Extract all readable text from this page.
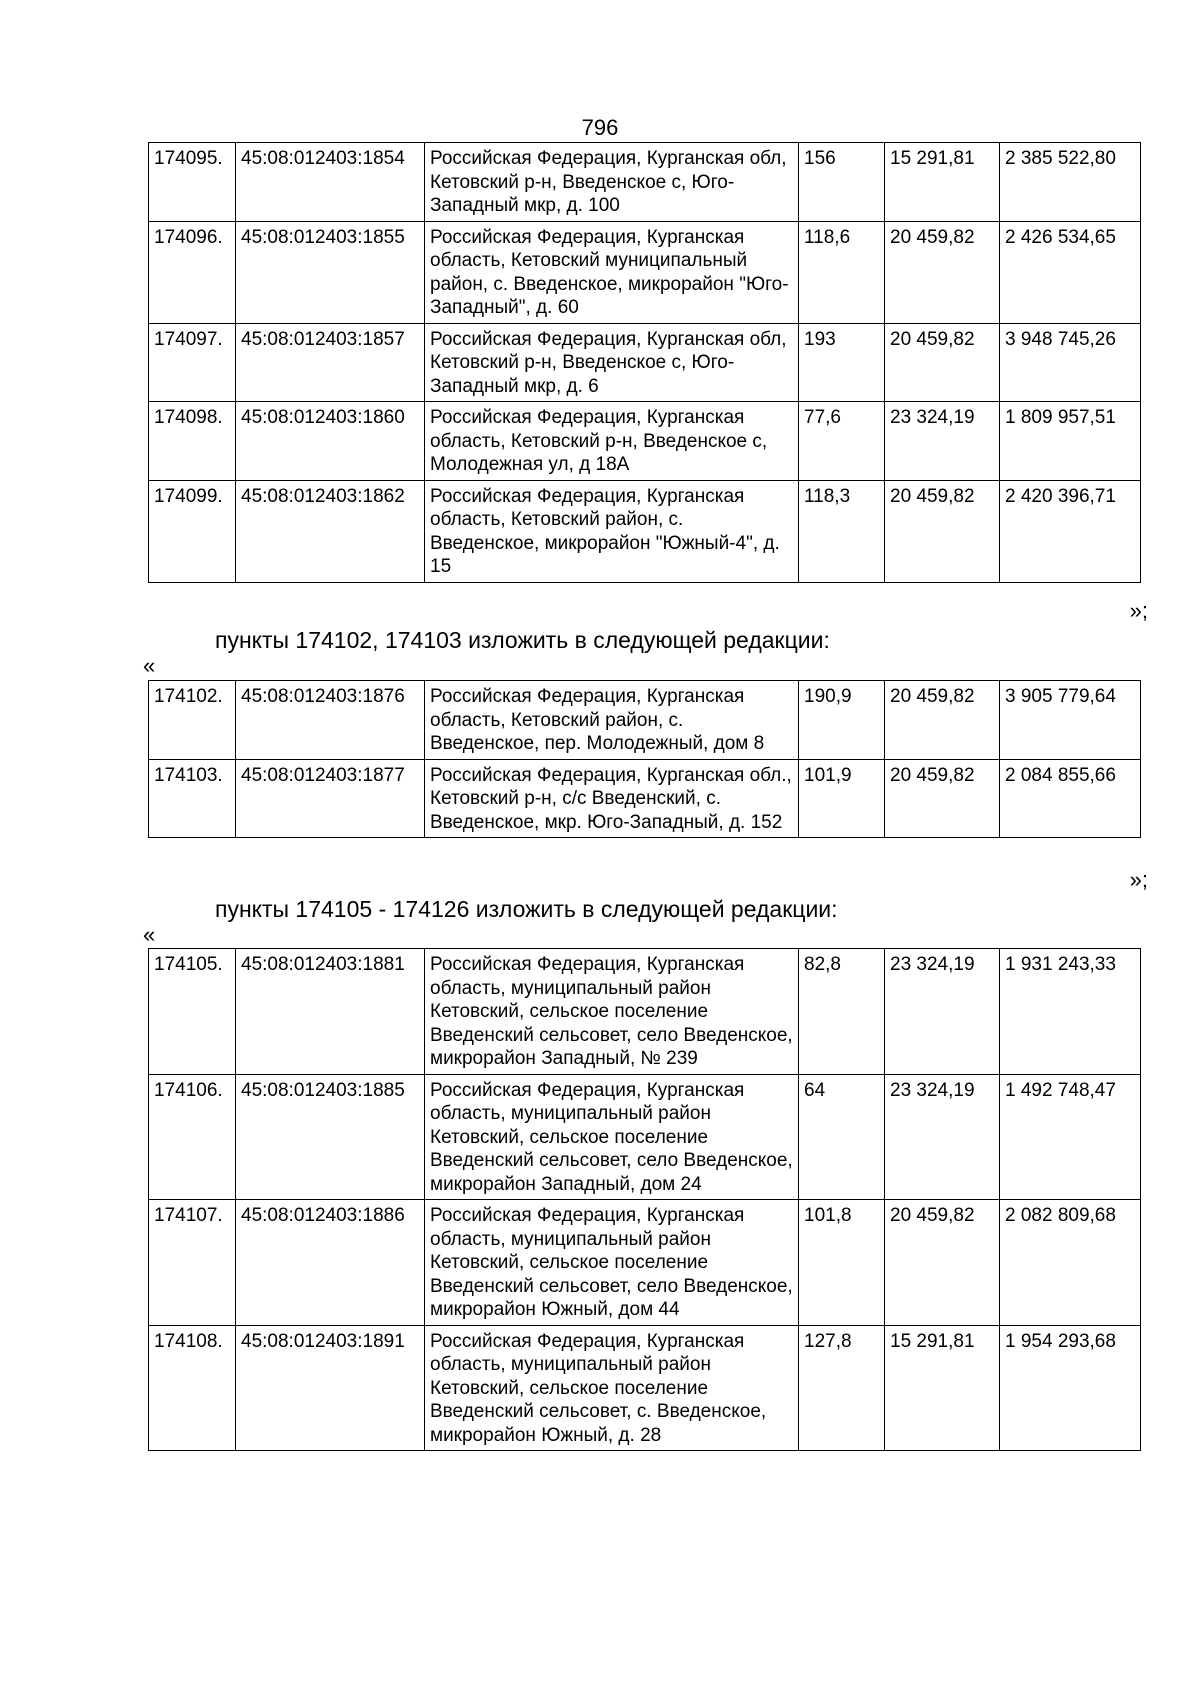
796
174095.	45:08:012403:1854	Российская Федерация, Курганская обл, Кетовский р-н, Введенское с, Юго-Западный мкр, д. 100	156	15 291,81	2 385 522,80
174096.	45:08:012403:1855	Российская Федерация, Курганская область, Кетовский муниципальный район, с. Введенское, микрорайон "Юго-Западный", д. 60	118,6	20 459,82	2 426 534,65
174097.	45:08:012403:1857	Российская Федерация, Курганская обл, Кетовский р-н, Введенское с, Юго-Западный мкр, д. 6	193	20 459,82	3 948 745,26
174098.	45:08:012403:1860	Российская Федерация, Курганская область, Кетовский р-н, Введенское с, Молодежная ул, д 18А	77,6	23 324,19	1 809 957,51
174099.	45:08:012403:1862	Российская Федерация, Курганская область, Кетовский район, с. Введенское, микрорайон "Южный-4", д. 15	118,3	20 459,82	2 420 396,71
»;
пункты 174102, 174103 изложить в следующей редакции:
«
174102.	45:08:012403:1876	Российская Федерация, Курганская область, Кетовский район, с. Введенское, пер. Молодежный, дом 8	190,9	20 459,82	3 905 779,64
174103.	45:08:012403:1877	Российская Федерация, Курганская обл., Кетовский р-н, с/с Введенский, с. Введенское, мкр. Юго-Западный, д. 152	101,9	20 459,82	2 084 855,66
»;
пункты 174105 - 174126 изложить в следующей редакции:
«
174105.	45:08:012403:1881	Российская Федерация, Курганская область, муниципальный район Кетовский, сельское поселение Введенский сельсовет, село Введенское, микрорайон Западный, № 239	82,8	23 324,19	1 931 243,33
174106.	45:08:012403:1885	Российская Федерация, Курганская область, муниципальный район Кетовский, сельское поселение Введенский сельсовет, село Введенское, микрорайон Западный, дом 24	64	23 324,19	1 492 748,47
174107.	45:08:012403:1886	Российская Федерация, Курганская область, муниципальный район Кетовский, сельское поселение Введенский сельсовет, село Введенское, микрорайон Южный, дом 44	101,8	20 459,82	2 082 809,68
174108.	45:08:012403:1891	Российская Федерация, Курганская область, муниципальный район Кетовский, сельское поселение Введенский сельсовет, с. Введенское, микрорайон Южный, д. 28	127,8	15 291,81	1 954 293,68
